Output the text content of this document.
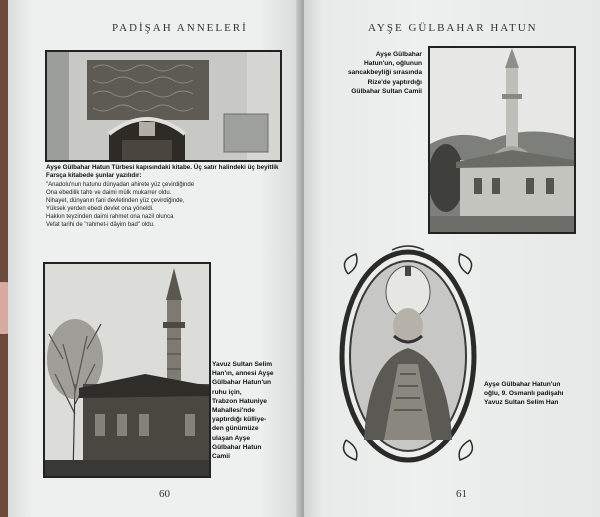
PADİŞAH ANNELERİ
Ayşe Gülbahar Hatun Türbesi kapısındaki kitabe. Üç satır halindeki üç beyitlik Farsça kitabede şunlar yazılıdır:
"Anadolu'nun hatunu dünyadan ahirete yüz çevirdiğinde
Ona ebedilik tahtı ve daimi mülk mukarrer oldu.
Nihayet, dünyanın fani devletinden yüz çevirdiğinde,
Yüksek yerden ebedi devlet ona yöneldi.
Hakkın teyzinden daimi rahmet ona nazil olunca
Vefat tarihi de "rahmet-i dâyim bad" oldu.
Yavuz Sultan Selim
Han'ın, annesi Ayşe
Gülbahar Hatun'un
ruhu için,
Trabzon Hatuniye
Mahallesi'nde
yaptırdığı külliye-
den günümüze
ulaşan Ayşe
Gülbahar Hatun
Camii
60
AYŞE GÜLBAHAR HATUN
Ayşe Gülbahar
Hatun'un, oğlunun
sancakbeyliği sırasında
Rize'de yaptırdığı
Gülbahar Sultan Camii
Ayşe Gülbahar Hatun'un
oğlu, 9. Osmanlı padişahı
Yavuz Sultan Selim Han
61
